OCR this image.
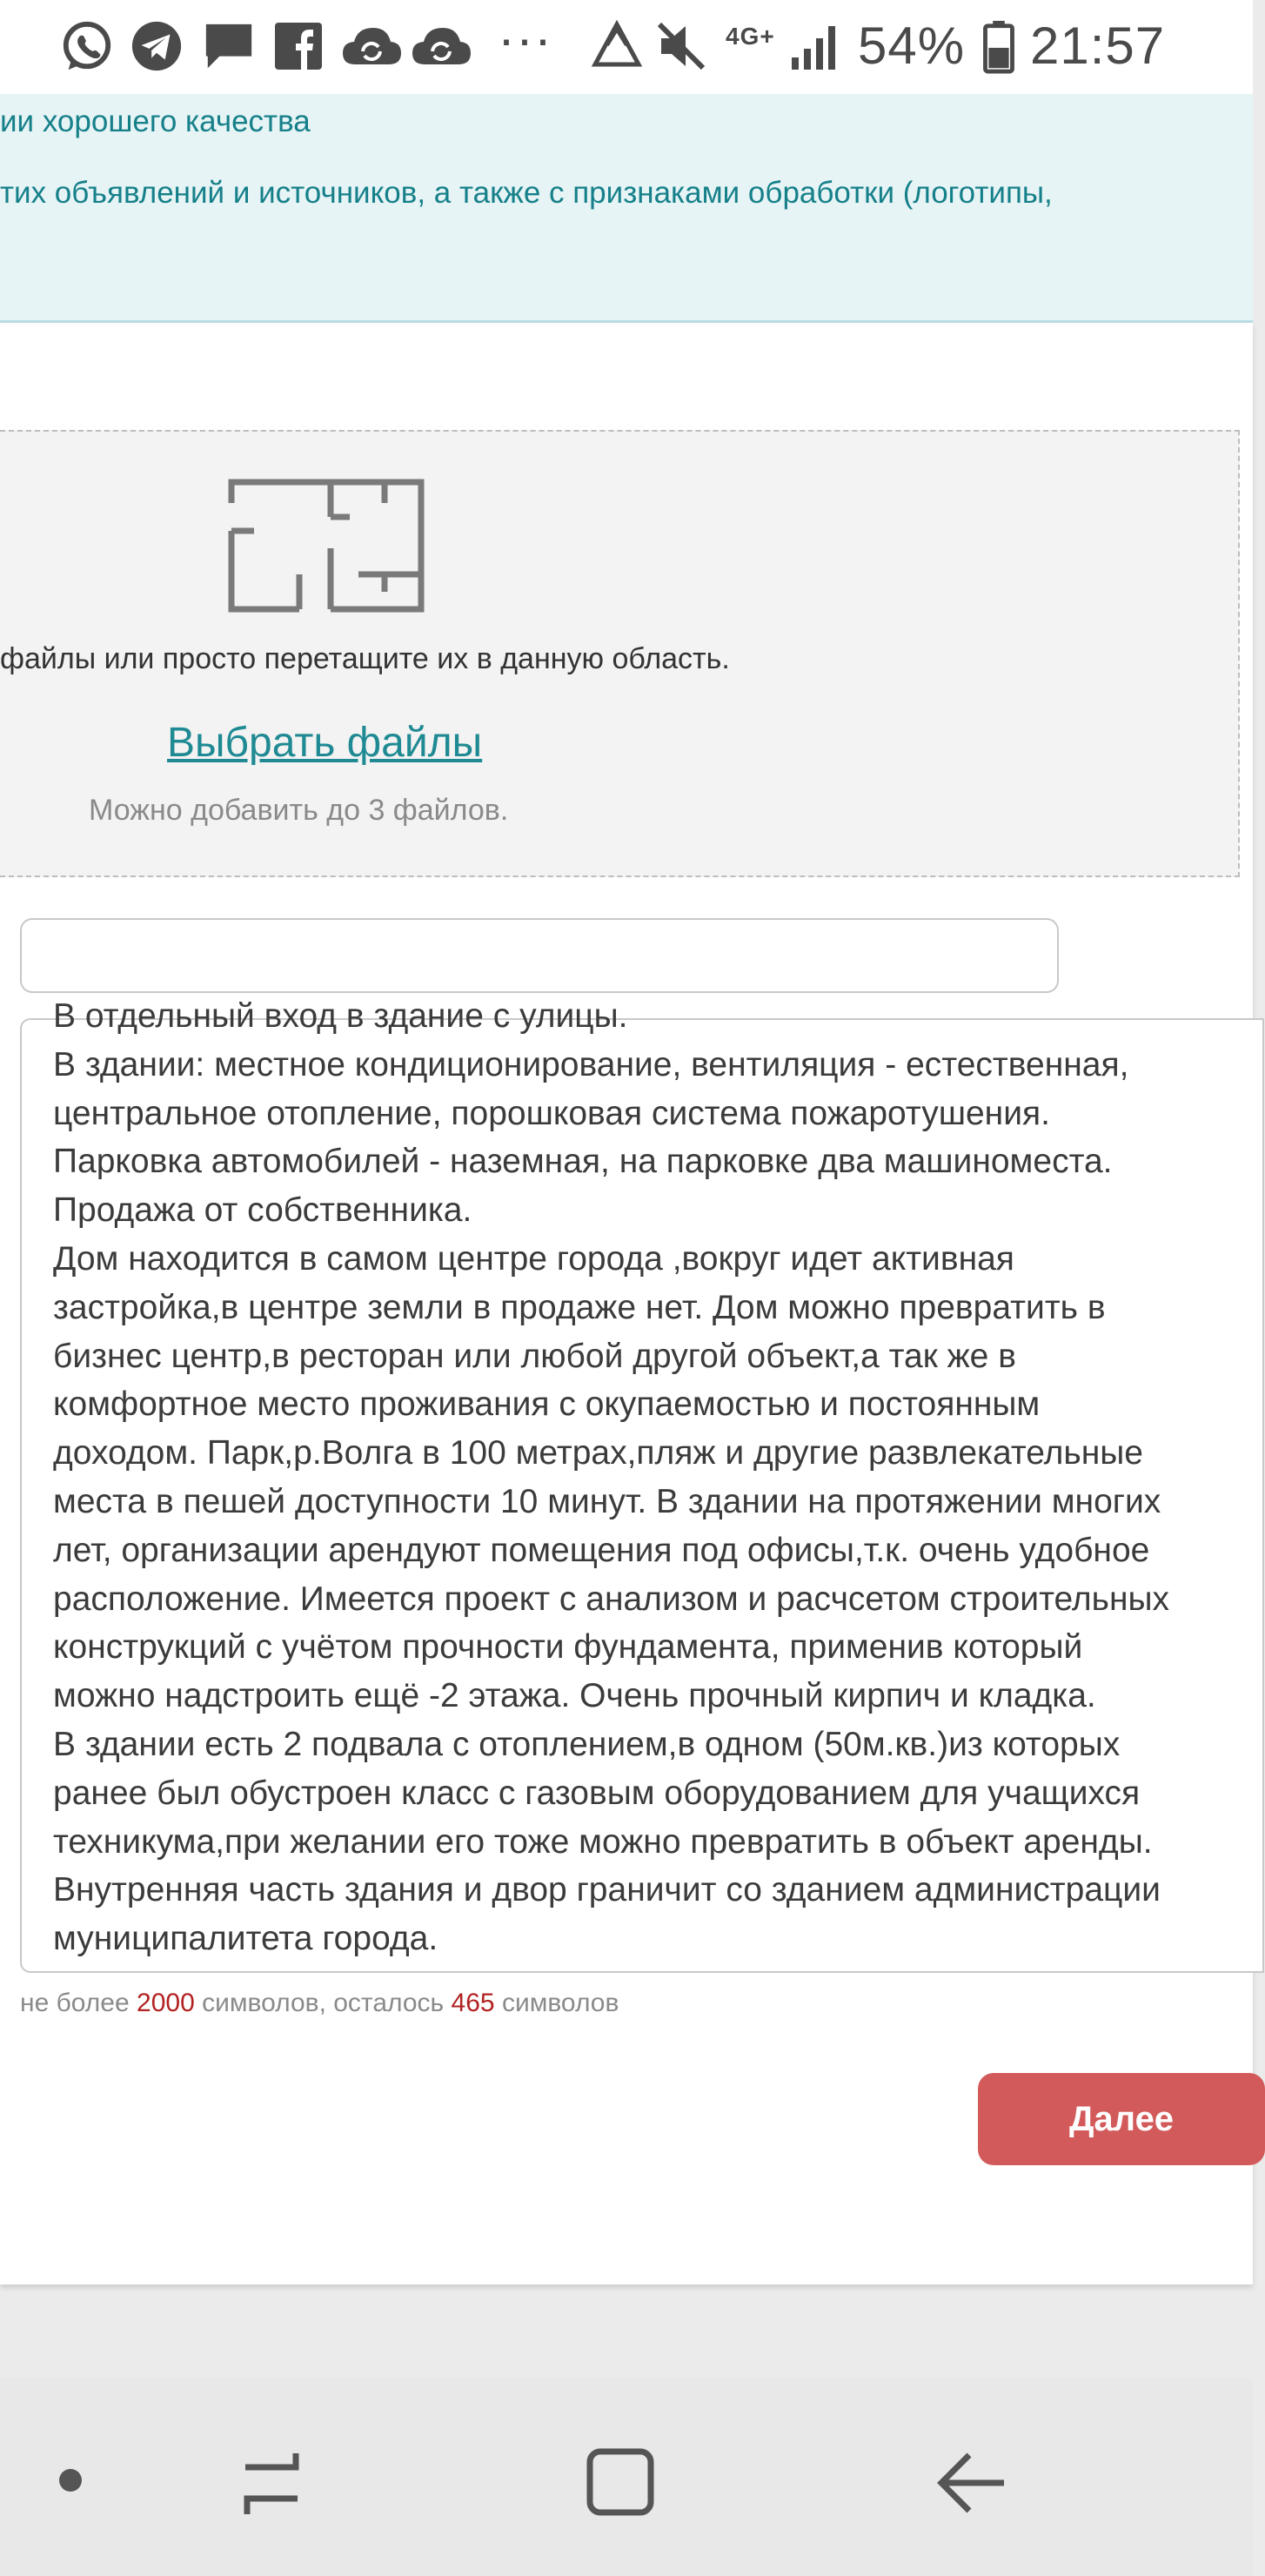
···	4G+ 54% 21:57
ии хорошего качества
тих объявлений и источников, а также с признаками обработки (логотипы,
файлы или просто перетащите их в данную область.
Выбрать файлы
Можно добавить до 3 файлов.
В отдельный вход в здание с улицы.
В здании: местное кондиционирование, вентиляция - естественная,
центральное отопление, порошковая система пожаротушения.
Парковка автомобилей - наземная, на парковке два машиноместа.
Продажа от собственника.
Дом находится в самом центре города ,вокруг идет активная
застройка,в центре земли в продаже нет. Дом можно превратить в
бизнес центр,в ресторан или любой другой объект,а так же в
комфортное место проживания с окупаемостью и постоянным
доходом. Парк,р.Волга в 100 метрах,пляж и другие развлекательные
места в пешей доступности 10 минут. В здании на протяжении многих
лет, организации арендуют помещения под офисы,т.к. очень удобное
расположение. Имеется проект с анализом и расчсетом строительных
конструкций с учётом прочности фундамента, применив который
можно надстроить ещё -2 этажа. Очень прочный кирпич и кладка.
В здании есть 2 подвала с отоплением,в одном (50м.кв.)из которых
ранее был обустроен класс с газовым оборудованием для учащихся
техникума,при желании его тоже можно превратить в объект аренды.
Внутренняя часть здания и двор граничит со зданием администрации
муниципалитета города.
не более 2000 символов, осталось 465 символов
Далее
